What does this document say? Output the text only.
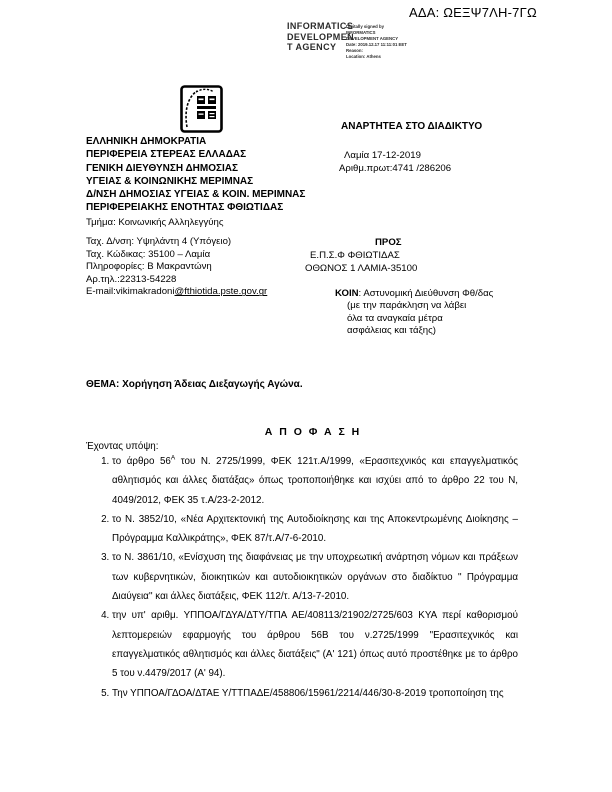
ΑΔΑ: ΩΕΞΨ7ΛΗ-7ΓΩ
INFORMATICS
DEVELOPMEN
T AGENCY
Digitally signed by
INFORMATICS
DEVELOPMENT AGENCY
Date: 2019.12.17 11:11:01 EET
Reason:
Location: Athens
ΑΝΑΡΤΗΤΕΑ ΣΤΟ ΔΙΑΔΙΚΤΥΟ
ΕΛΛΗΝΙΚΗ ΔΗΜΟΚΡΑΤΙΑ
ΠΕΡΙΦΕΡΕΙΑ ΣΤΕΡΕΑΣ ΕΛΛΑΔΑΣ
ΓΕΝΙΚΗ ΔΙΕΥΘΥΝΣΗ ΔΗΜΟΣΙΑΣ
ΥΓΕΙΑΣ & ΚΟΙΝΩΝΙΚΗΣ ΜΕΡΙΜΝΑΣ
Δ/ΝΣΗ ΔΗΜΟΣΙΑΣ ΥΓΕΙΑΣ & ΚΟΙΝ. ΜΕΡΙΜΝΑΣ
ΠΕΡΙΦΕΡΕΙΑΚΗΣ ΕΝΟΤΗΤΑΣ ΦΘΙΩΤΙΔΑΣ
Τμήμα: Κοινωνικής Αλληλεγγύης
Λαμία 17-12-2019
Αριθμ.πρωτ:4741 /286206
Ταχ. Δ/νση: Υψηλάντη 4 (Υπόγειο)
Ταχ. Κώδικας: 35100 – Λαμία
Πληροφορίες: Β Μακραντώνη
Αρ.τηλ.:22313-54228
E-mail:vikimakradoni@fthiotida.pste.gov.gr
ΠΡΟΣ
Ε.Π.Σ.Φ ΦΘΙΩΤΙΔΑΣ
ΟΘΩΝΟΣ 1 ΛΑΜΙΑ-35100
ΚΟΙΝ: Αστυνομική Διεύθυνση Φθ/δας
(με την παράκληση να λάβει
όλα τα αναγκαία μέτρα
ασφάλειας και τάξης)
ΘΕΜΑ: Χορήγηση Άδειας Διεξαγωγής Αγώνα.
Α Π Ο Φ Α Σ Η
Έχοντας υπόψη:
1. το άρθρο $56^A$ του Ν. 2725/1999, ΦΕΚ 121τ.Α/1999, «Ερασιτεχνικός και επαγγελματικός αθλητισμός και άλλες διατάξας» όπως τροποποιήθηκε και ισχύει από το άρθρο 22 του Ν, 4049/2012, ΦΕΚ 35 τ.Α/23-2-2012.
2. το Ν. 3852/10, «Νέα Αρχιτεκτονική της Αυτοδιοίκησης και της Αποκεντρωμένης Διοίκησης – Πρόγραμμα Καλλικράτης», ΦΕΚ 87/τ.Α/7-6-2010.
3. το Ν. 3861/10, «Ενίσχυση της διαφάνειας με την υποχρεωτική ανάρτηση νόμων και πράξεων των κυβερνητικών, διοικητικών και αυτοδιοικητικών οργάνων στο διαδίκτυο '' Πρόγραμμα Διαύγεια'' και άλλες διατάξεις, ΦΕΚ 112/τ. Α/13-7-2010.
4. την υπ' αριθμ. ΥΠΠΟΑ/ΓΔΥΑ/ΔΤΥ/ΤΠΑ ΑΕ/408113/21902/2725/603 ΚΥΑ περί καθορισμού λεπτομερειών εφαρμογής του άρθρου 56Β του ν.2725/1999 "Ερασιτεχνικός και επαγγελματικός αθλητισμός και άλλες διατάξεις" (Α' 121) όπως αυτό προστέθηκε με το άρθρο 5 του ν.4479/2017 (Α' 94).
5. Την ΥΠΠΟΑ/ΓΔΟΑ/ΔΤΑΕ Υ/ΤΤΠΑΔΕ/458806/15961/2214/446/30-8-2019 τροποποίηση της
